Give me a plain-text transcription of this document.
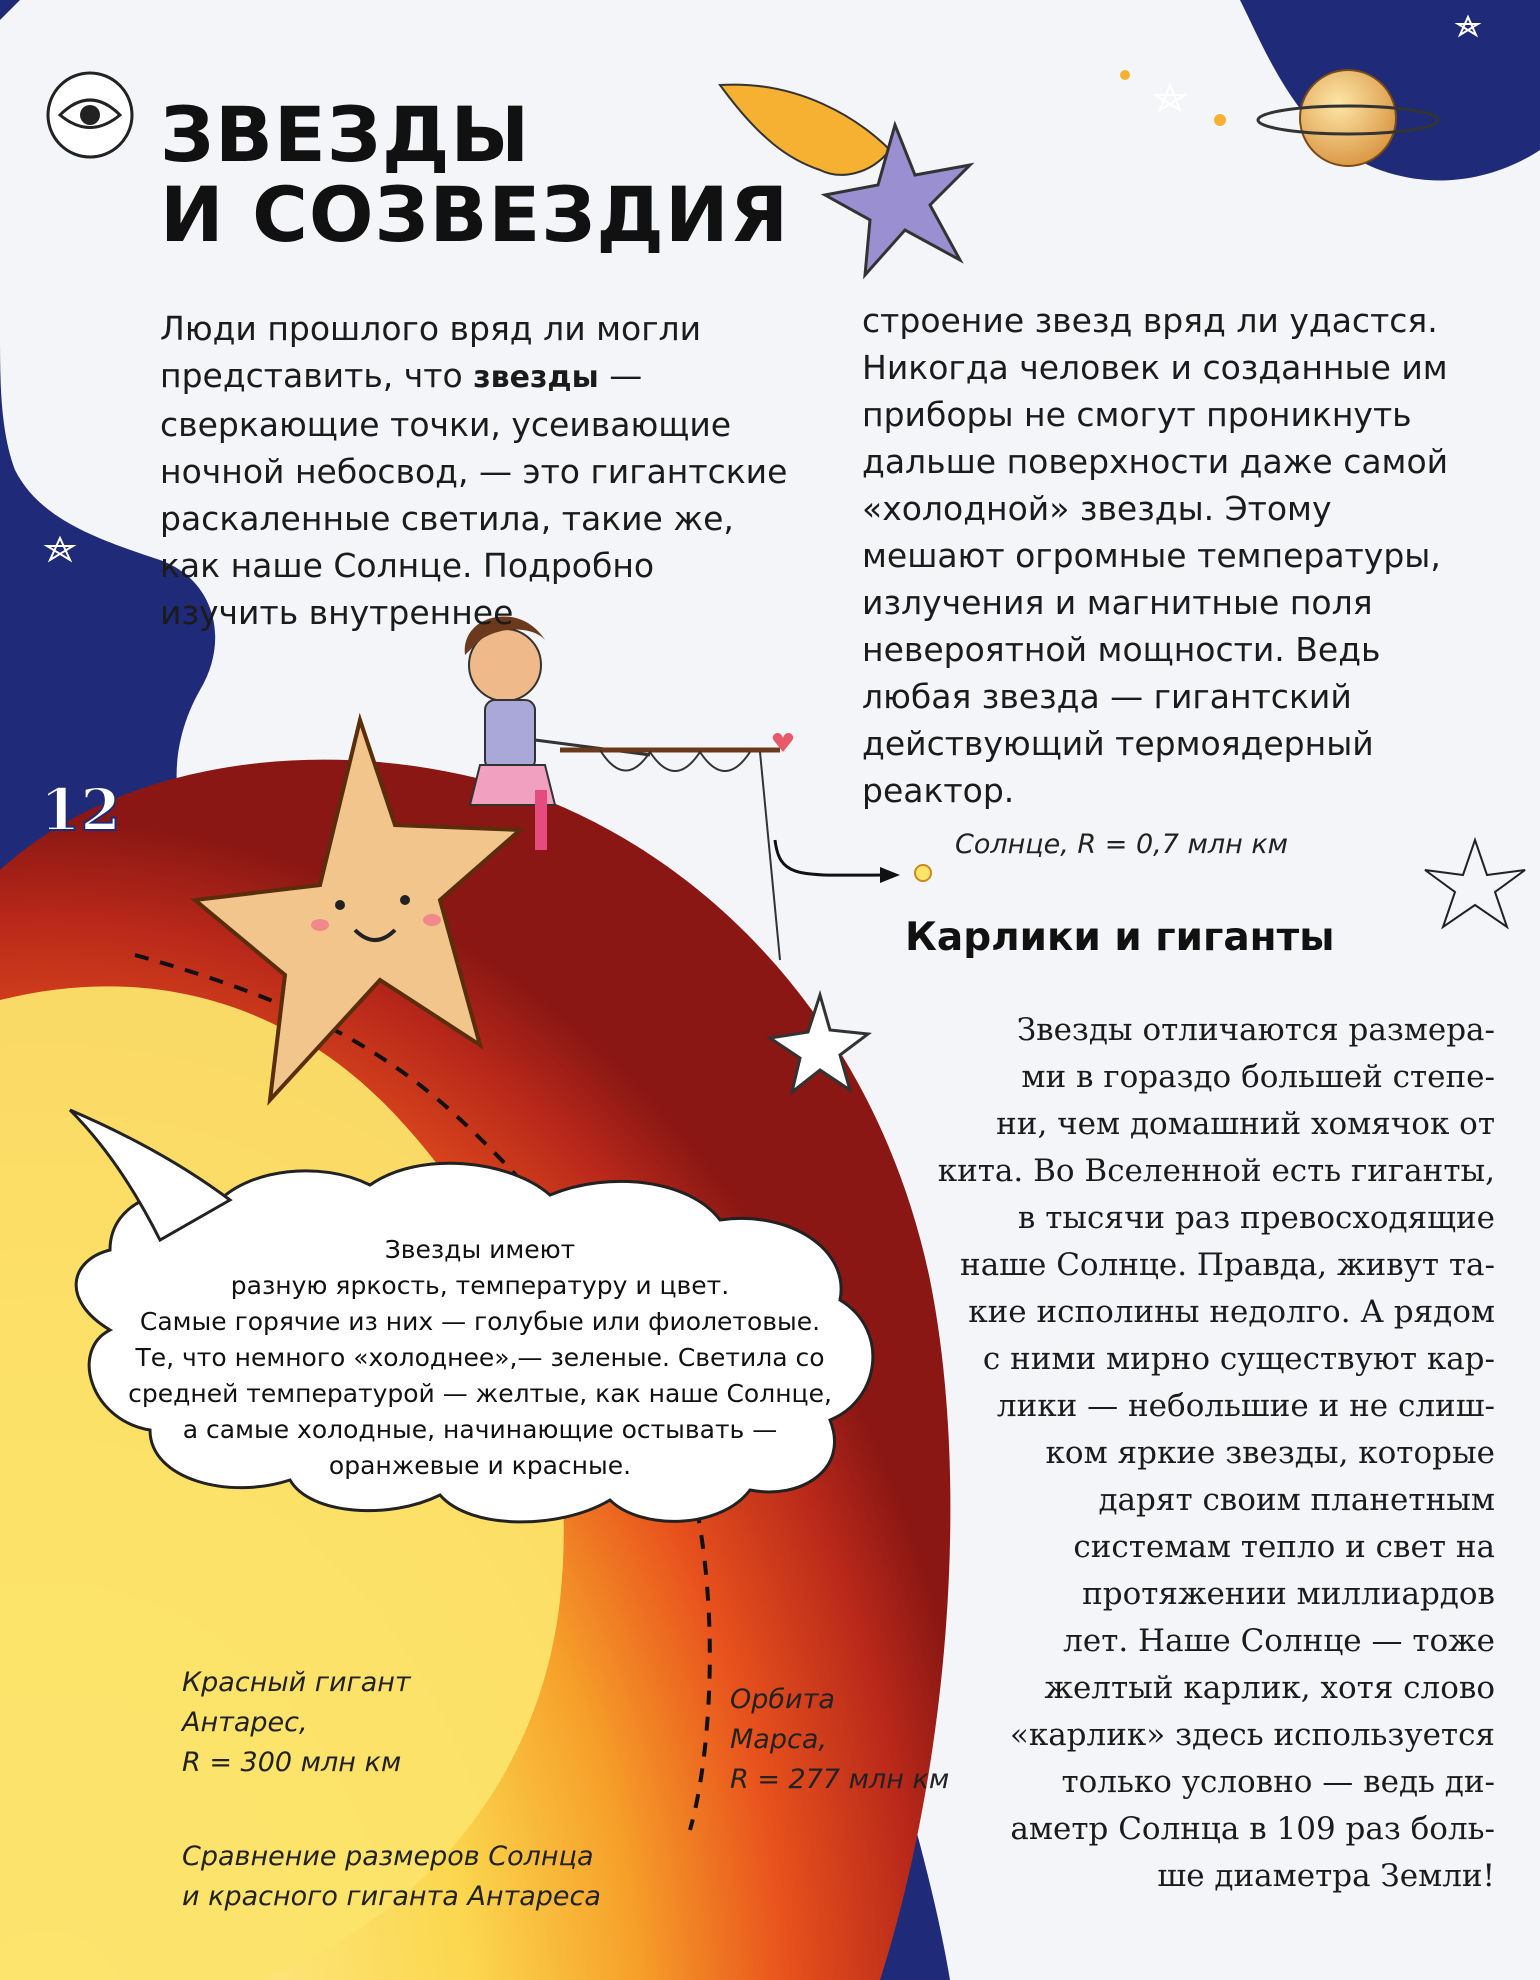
12
ЗВЕЗДЫ
И СОЗВЕЗДИЯ
Люди прошлого вряд ли могли представить, что звезды — сверкающие точки, усеивающие ночной небосвод, — это гигантские раскаленные светила, такие же, как наше Солнце. Подробно изучить внутреннее
строение звезд вряд ли удастся. Никогда человек и созданные им приборы не смогут проникнуть дальше поверхности даже самой «холодной» звезды. Этому мешают огромные температуры, излучения и магнитные поля невероятной мощности. Ведь любая звезда — гигантский действующий термоядерный реактор.
Солнце, R = 0,7 млн км
Карлики и гиганты

Звезды отличаются размера-

ми в гораздо большей степе-

ни, чем домашний хомячок от

кита. Во Вселенной есть гиганты,

в тысячи раз превосходящие

наше Солнце. Правда, живут та-

кие исполины недолго. А рядом

с ними мирно существуют кар-

лики — небольшие и не слиш-

ком яркие звезды, которые

дарят своим планетным

системам тепло и свет на

протяжении миллиардов

лет. Наше Солнце — тоже

желтый карлик, хотя слово

«карлик» здесь используется

только условно — ведь ди-

аметр Солнца в 109 раз боль-

ше диаметра Земли!

Звезды имеют
разную яркость, температуру и цвет.
Самые горячие из них — голубые или фиолетовые.
Те, что немного «холоднее»,— зеленые. Светила со
средней температурой — желтые, как наше Солнце,
а самые холодные, начинающие остывать —
оранжевые и красные.
Красный гигант
Антарес,
R = 300 млн км
Орбита
Марса,
R = 277 млн км
Сравнение размеров Солнца
и красного гиганта Антареса
